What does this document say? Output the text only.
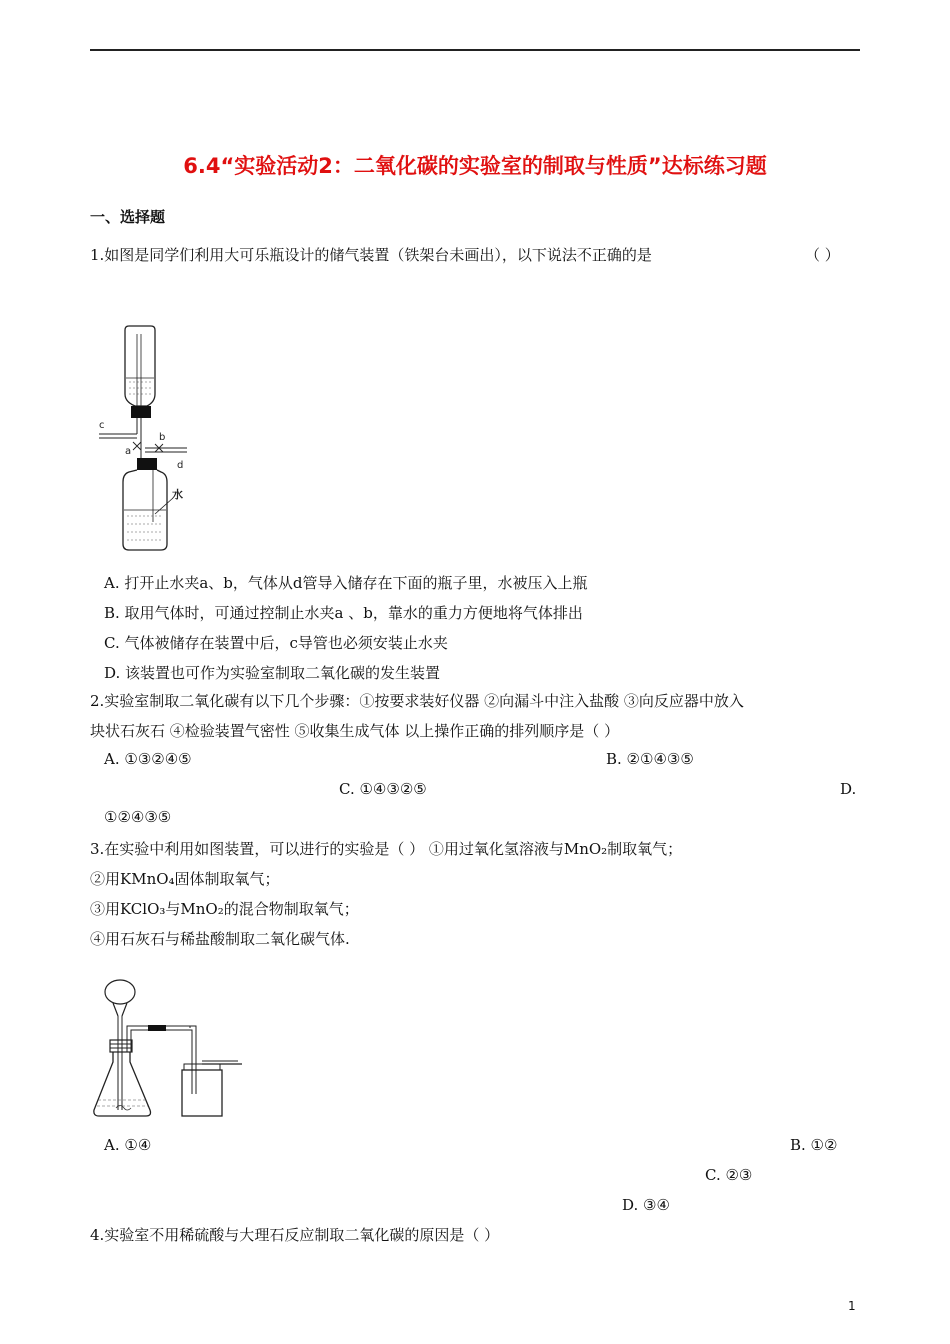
6.4“实验活动2：二氧化碳的实验室的制取与性质”达标练习题
一、选择题
1.如图是同学们利用大可乐瓶设计的储气装置（铁架台未画出），以下说法不正确的是	（ ）
c
a
b
d
水
A. 打开止水夹a、b，气体从d管导入储存在下面的瓶子里，水被压入上瓶
B. 取用气体时，可通过控制止水夹a 、b，靠水的重力方便地将气体排出
C. 气体被储存在装置中后，c导管也必须安装止水夹
D. 该装置也可作为实验室制取二氧化碳的发生装置
2.实验室制取二氧化碳有以下几个步骤：①按要求装好仪器 ②向漏斗中注入盐酸 ③向反应器中放入
块状石灰石 ④检验装置气密性 ⑤收集生成气体 以上操作正确的排列顺序是（ ）
A. ①③②④⑤	B. ②①④③⑤
C. ①④③②⑤	D.
①②④③⑤
3.在实验中利用如图装置，可以进行的实验是（ ） ①用过氧化氢溶液与MnO₂制取氧气；
②用KMnO₄固体制取氧气；
③用KClO₃与MnO₂的混合物制取氧气；
④用石灰石与稀盐酸制取二氧化碳气体.
A. ①④	B. ①②
C. ②③
D. ③④
4.实验室不用稀硫酸与大理石反应制取二氧化碳的原因是（ ）
1
